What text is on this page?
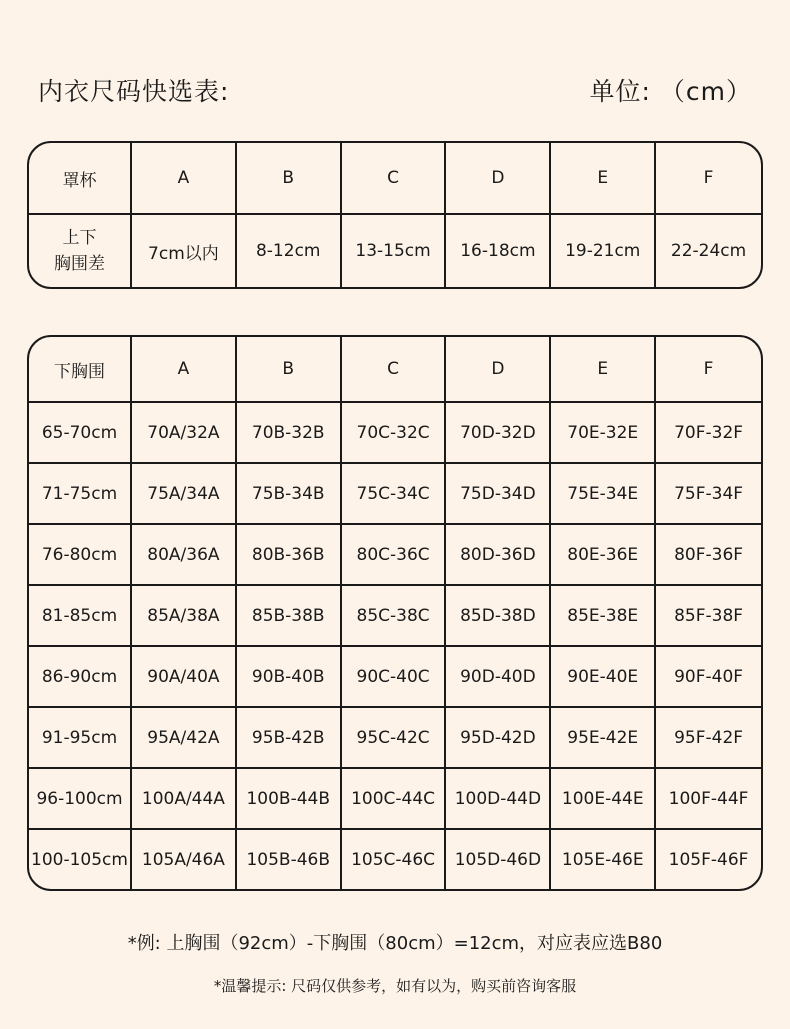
内衣尺码快选表:	单位: （cm）
罩杯	A	B	C	D	E	F

上下
胸围差	7cm以内	8-12cm	13-15cm	16-18cm	19-21cm	22-24cm
下胸围	A	B	C	D	E	F
65-70cm	70A/32A	70B-32B	70C-32C	70D-32D	70E-32E	70F-32F
71-75cm	75A/34A	75B-34B	75C-34C	75D-34D	75E-34E	75F-34F
76-80cm	80A/36A	80B-36B	80C-36C	80D-36D	80E-36E	80F-36F
81-85cm	85A/38A	85B-38B	85C-38C	85D-38D	85E-38E	85F-38F
86-90cm	90A/40A	90B-40B	90C-40C	90D-40D	90E-40E	90F-40F
91-95cm	95A/42A	95B-42B	95C-42C	95D-42D	95E-42E	95F-42F
96-100cm	100A/44A	100B-44B	100C-44C	100D-44D	100E-44E	100F-44F
100-105cm	105A/46A	105B-46B	105C-46C	105D-46D	105E-46E	105F-46F
*例: 上胸围（92cm）-下胸围（80cm）=12cm，对应表应选B80
*温馨提示: 尺码仅供参考，如有以为，购买前咨询客服
